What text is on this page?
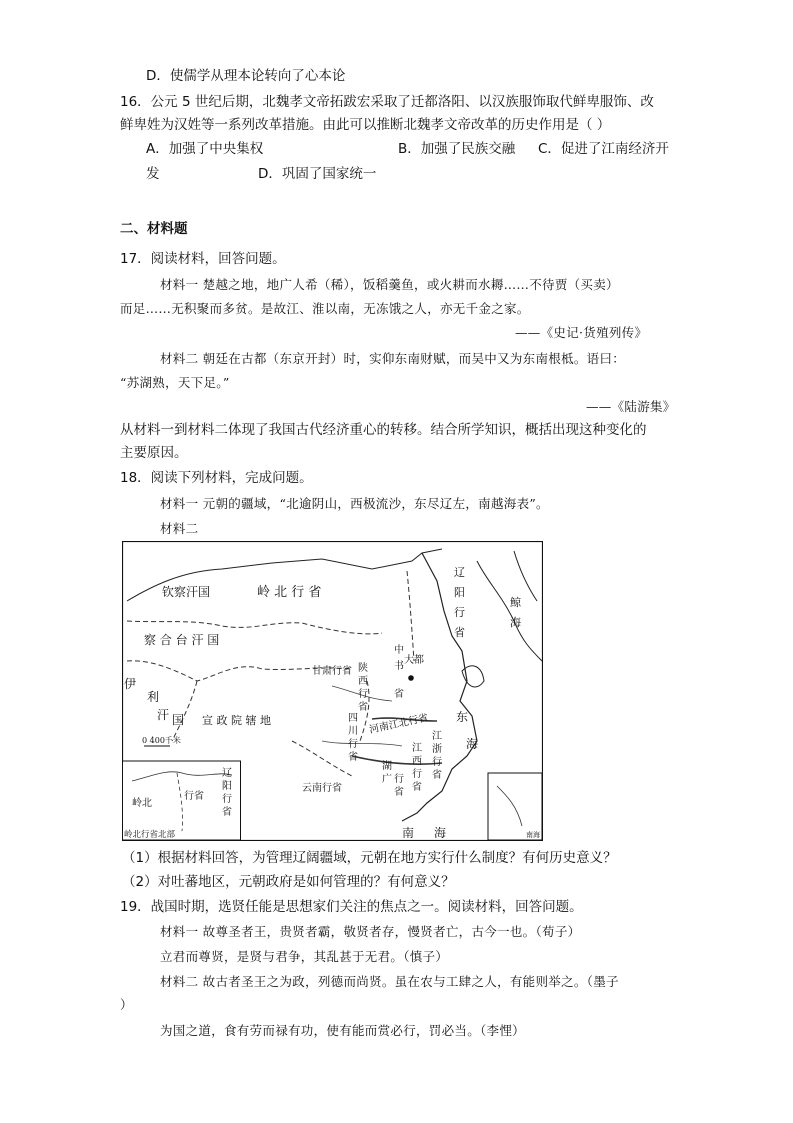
D．使儒学从理本论转向了心本论
16．公元 5 世纪后期，北魏孝文帝拓跋宏采取了迁都洛阳、以汉族服饰取代鲜卑服饰、改
鲜卑姓为汉姓等一系列改革措施。由此可以推断北魏孝文帝改革的历史作用是（ ）
A．加强了中央集权	B．加强了民族交融 C．促进了江南经济开
发	D．巩固了国家统一
二、材料题
17．阅读材料，回答问题。
材料一 楚越之地，地广人希（稀），饭稻羹鱼，或火耕而水耨……不待贾（买卖）
而足……无积聚而多贫。是故江、淮以南，无冻饿之人，亦无千金之家。
——《史记·货殖列传》
材料二 朝廷在古都（东京开封）时，实仰东南财赋，而吴中又为东南根柢。语曰：
“苏湖熟，天下足。”
——《陆游集》
从材料一到材料二体现了我国古代经济重心的转移。结合所学知识，概括出现这种变化的
主要原因。
18．阅读下列材料，完成问题。
材料一 元朝的疆域，“北逾阴山，西极流沙，东尽辽左，南越海表”。
材料二
钦察汗国	岭 北 行 省
辽
阳
行
省
鲸
海
察 合 台 汗 国
中
书
省
大都
甘肃行省
伊
利
汗 国
陕
西
行
省
宣 政 院 辖 地	河南江北行省 东
海
四
川
行
省
江
浙
行
省
江
西
行
省
湖
广 行
省
云南行省
南 海
0 400千米
岭北
行省
辽
阳
行
省
岭北行省北部	南海
（1）根据材料回答，为管理辽阔疆域，元朝在地方实行什么制度？有何历史意义？
（2）对吐蕃地区，元朝政府是如何管理的？有何意义？
19．战国时期，选贤任能是思想家们关注的焦点之一。阅读材料，回答问题。
材料一 故尊圣者王，贵贤者霸，敬贤者存，慢贤者亡，古今一也。（荀子）
立君而尊贤，是贤与君争，其乱甚于无君。（慎子）
材料二 故古者圣王之为政，列德而尚贤。虽在农与工肆之人，有能则举之。（墨子
）
为国之道，食有劳而禄有功，使有能而赏必行，罚必当。（李悝）
